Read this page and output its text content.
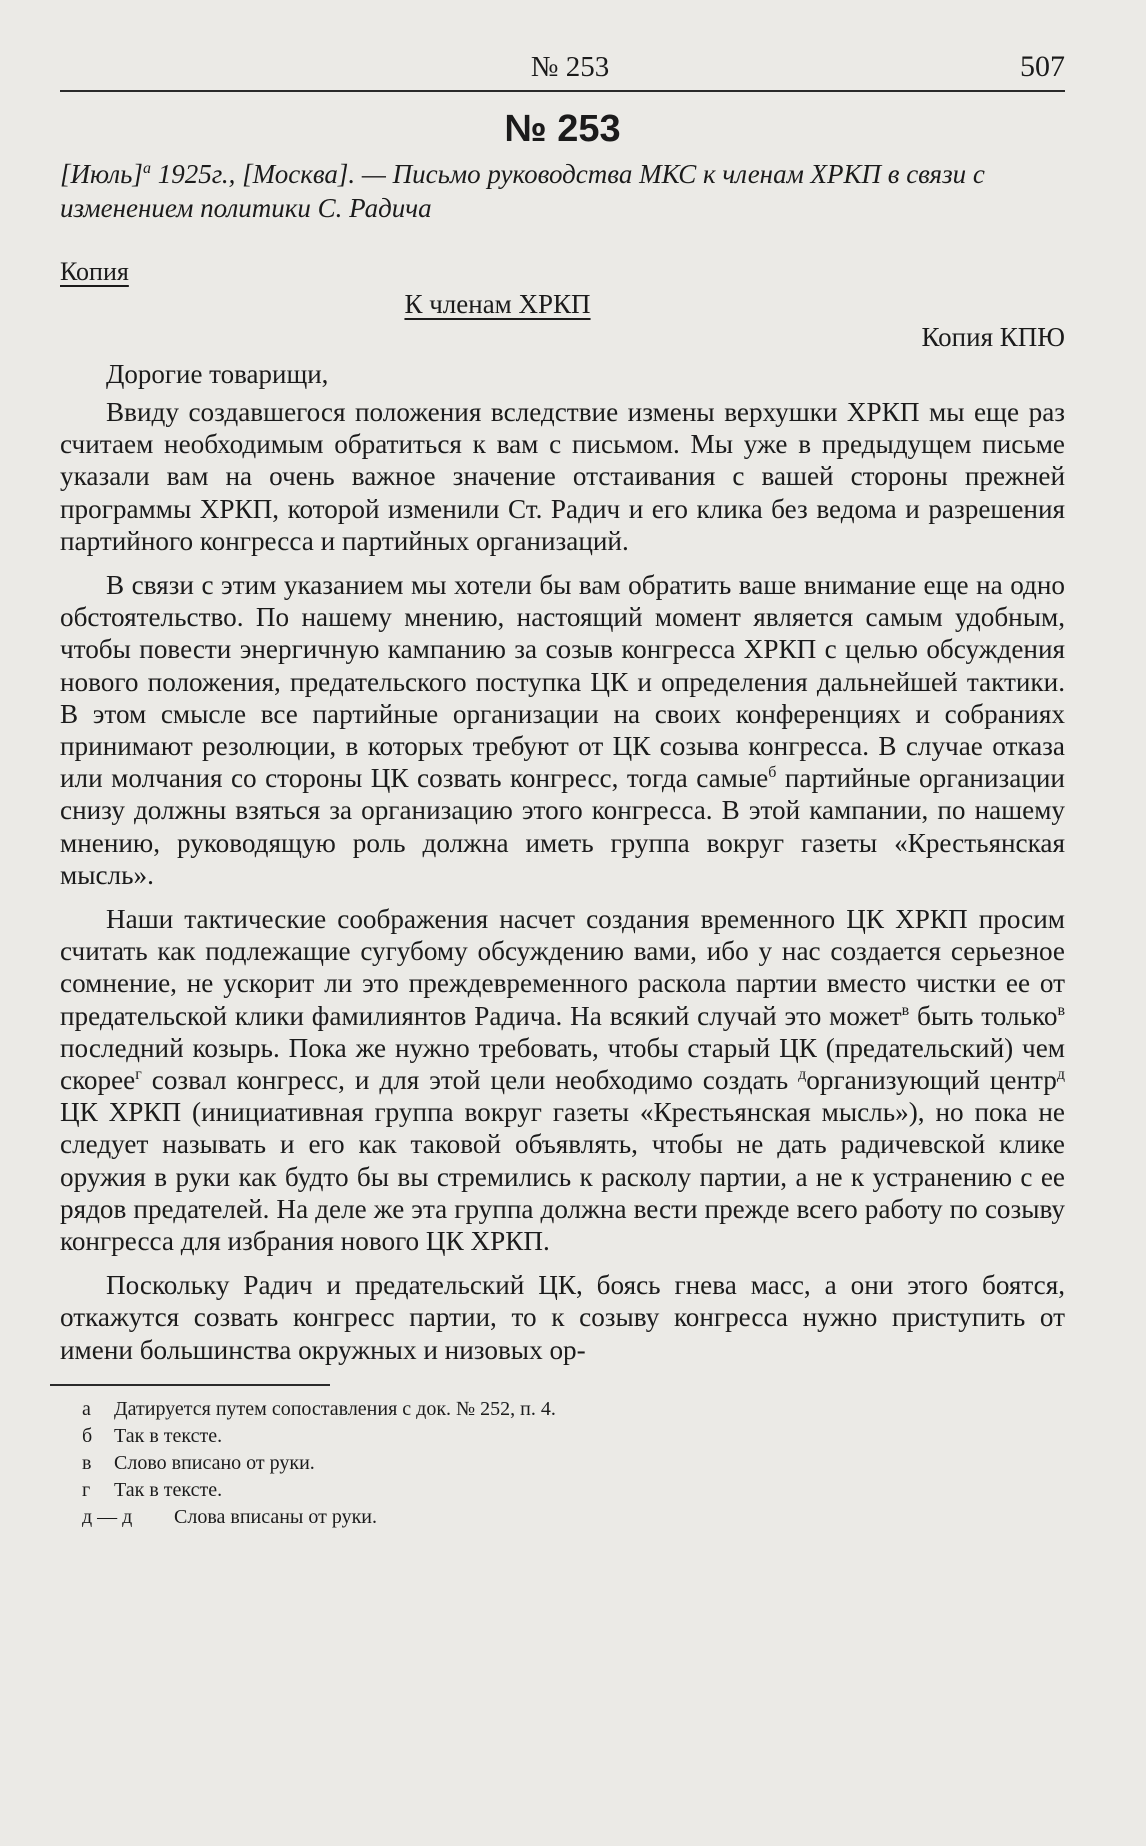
№ 253	507
№ 253
[Июль]$^а$ 1925г., [Москва]. — Письмо руководства МКС к членам ХРКП в связи с изменением политики С. Радича
Копия
К членам ХРКП
Копия КПЮ
Дорогие товарищи,

Ввиду создавшегося положения вследствие измены верхушки ХРКП мы еще раз считаем необходимым обратиться к вам с письмом. Мы уже в предыдущем письме указали вам на очень важное значение отстаивания с вашей стороны прежней программы ХРКП, которой изменили Ст. Радич и его клика без ведома и разрешения партийного конгресса и партийных организаций.

В связи с этим указанием мы хотели бы вам обратить ваше внимание еще на одно обстоятельство. По нашему мнению, настоящий момент является самым удобным, чтобы повести энергичную кампанию за созыв конгресса ХРКП с целью обсуждения нового положения, предательского поступка ЦК и определения дальнейшей тактики. В этом смысле все партийные организации на своих конференциях и собраниях принимают резолюции, в которых требуют от ЦК созыва конгресса. В случае отказа или молчания со стороны ЦК созвать конгресс, тогда самые$^б$ партийные организации снизу должны взяться за организацию этого конгресса. В этой кампании, по нашему мнению, руководящую роль должна иметь группа вокруг газеты «Крестьянская мысль».

Наши тактические соображения насчет создания временного ЦК ХРКП просим считать как подлежащие сугубому обсуждению вами, ибо у нас создается серьезное сомнение, не ускорит ли это преждевременного раскола партии вместо чистки ее от предательской клики фамилиянтов Радича. На всякий случай это может$^в$ быть только$^в$ последний козырь. Пока же нужно требовать, чтобы старый ЦК (предательский) чем скорее$^г$ созвал конгресс, и для этой цели необходимо создать $^д$организующий центр$^д$ ЦК ХРКП (инициативная группа вокруг газеты «Крестьянская мысль»), но пока не следует называть и его как таковой объявлять, чтобы не дать радичевской клике оружия в руки как будто бы вы стремились к расколу партии, а не к устранению с ее рядов предателей. На деле же эта группа должна вести прежде всего работу по созыву конгресса для избрания нового ЦК ХРКП.

Поскольку Радич и предательский ЦК, боясь гнева масс, а они этого боятся, откажутся созвать конгресс партии, то к созыву конгресса нужно приступить от имени большинства окружных и низовых ор-

а	Датируется путем сопоставления с док. № 252, п. 4.
б	Так в тексте.
в	Слово вписано от руки.
г	Так в тексте.
д — д	Слова вписаны от руки.
